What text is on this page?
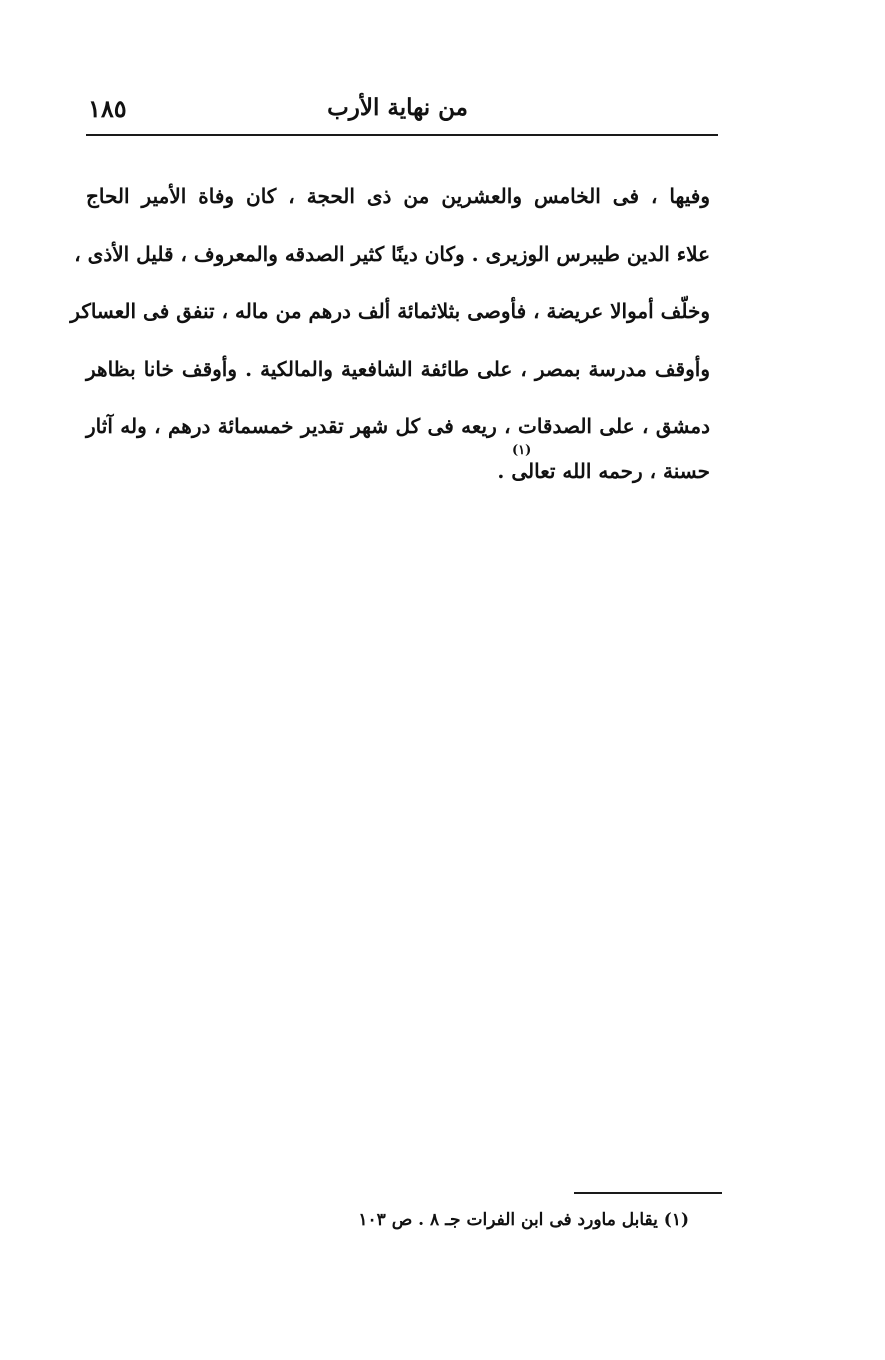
من نهاية الأرب
١٨٥
وفيها ، فى الخامس والعشرين من ذى الحجة ، كان وفاة الأمير الحاج
علاء الدين طيبرس الوزيرى . وكان دينًا كثير الصدقه والمعروف ، قليل الأذى ،
وخلّف أموالا عريضة ، فأوصى بثلاثمائة ألف درهم من ماله ، تنفق فى العساكر
وأوقف مدرسة بمصر ، على طائفة الشافعية والمالكية . وأوقف خانا بظاهر
دمشق ، على الصدقات ، ريعه فى كل شهر تقدير خمسمائة درهم ، وله آثار
حسنة ، رحمه الله تعالى .
(١)
(١) يقابل ماورد فى ابن الفرات جـ ٨ . ص ١٠٣
